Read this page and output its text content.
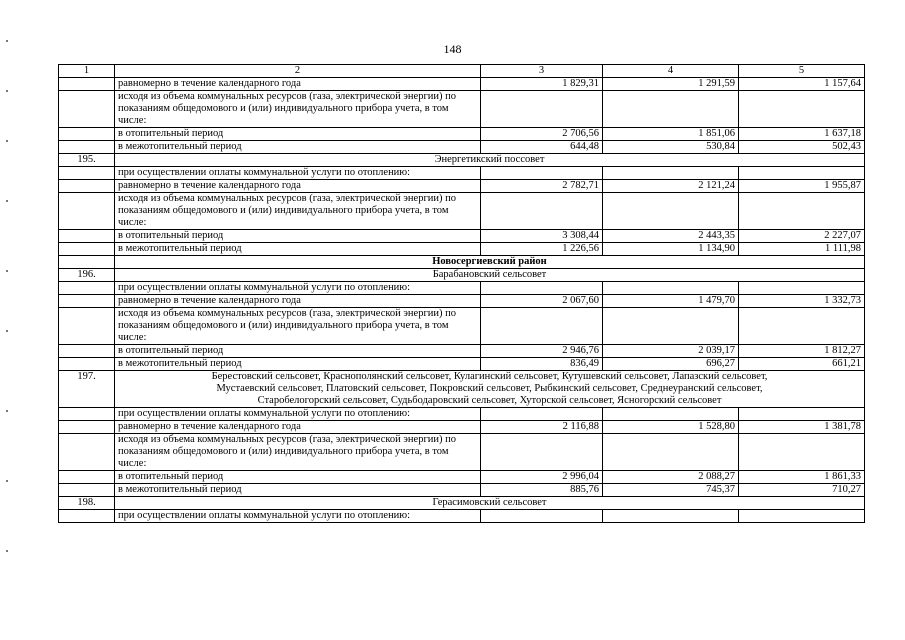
148
1	2	3	4	5
	равномерно в течение календарного года	1 829,31	1 291,59	1 157,64
	исходя из объема коммунальных ресурсов (газа, электрической энергии) по показаниям общедомового и (или) индивидуального прибора учета, в том числе:			
	в отопительный период	2 706,56	1 851,06	1 637,18
	в межотопительный период	644,48	530,84	502,43
195.	Энергетикский поссовет			
	при осуществлении оплаты коммунальной услуги по отоплению:			
	равномерно в течение календарного года	2 782,71	2 121,24	1 955,87
	исходя из объема коммунальных ресурсов (газа, электрической энергии) по показаниям общедомового и (или) индивидуального прибора учета, в том числе:			
	в отопительный период	3 308,44	2 443,35	2 227,07
	в межотопительный период	1 226,56	1 134,90	1 111,98
	Новосергиевский район			
196.	Барабановский сельсовет			
	при осуществлении оплаты коммунальной услуги по отоплению:			
	равномерно в течение календарного года	2 067,60	1 479,70	1 332,73
	исходя из объема коммунальных ресурсов (газа, электрической энергии) по показаниям общедомового и (или) индивидуального прибора учета, в том числе:			
	в отопительный период	2 946,76	2 039,17	1 812,27
	в межотопительный период	836,49	696,27	661,21
197.	Берестовский сельсовет, Краснополянский сельсовет, Кулагинский сельсовет, Кутушевский сельсовет, Лапазский сельсовет,
Мустаевский сельсовет, Платовский сельсовет, Покровский сельсовет, Рыбкинский сельсовет, Среднеуранский сельсовет,
Старобелогорский сельсовет, Судьбодаровский сельсовет, Хуторской сельсовет, Ясногорский сельсовет			

	при осуществлении оплаты коммунальной услуги по отоплению:			
	равномерно в течение календарного года	2 116,88	1 528,80	1 381,78
	исходя из объема коммунальных ресурсов (газа, электрической энергии) по показаниям общедомового и (или) индивидуального прибора учета, в том числе:			
	в отопительный период	2 996,04	2 088,27	1 861,33
	в межотопительный период	885,76	745,37	710,27
198.	Герасимовский сельсовет			
	при осуществлении оплаты коммунальной услуги по отоплению:			
